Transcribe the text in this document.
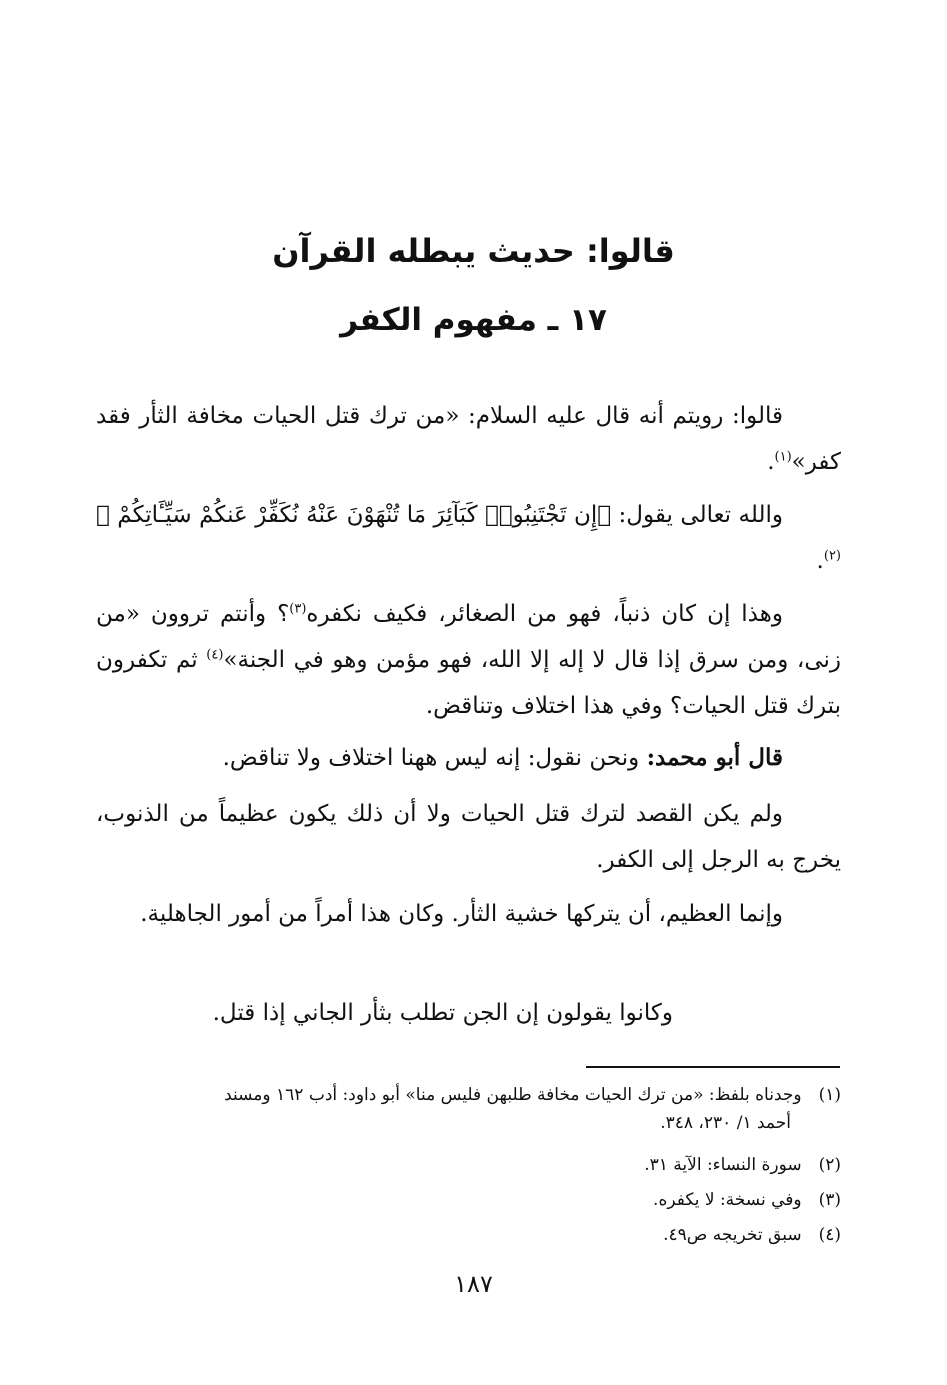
قالوا: حديث يبطله القرآن
١٧ ـ مفهوم الكفر

قالوا: رويتم أنه قال عليه السلام: «من ترك قتل الحيات مخافة الثأر فقد كفر»$^{(١)}$.

والله تعالى يقول: ﴿إِن تَجْتَنِبُوا۟ كَبَآئِرَ مَا تُنْهَوْنَ عَنْهُ نُكَفِّرْ عَنكُمْ سَيِّـَٔاتِكُمْ ﴾$^{(٢)}$.

وهذا إن كان ذنباً، فهو من الصغائر، فكيف نكفره$^{(٣)}$؟ وأنتم تروون «من زنى، ومن سرق إذا قال لا إله إلا الله، فهو مؤمن وهو في الجنة»$^{(٤)}$ ثم تكفرون بترك قتل الحيات؟ وفي هذا اختلاف وتناقض.

قال أبو محمد: ونحن نقول: إنه ليس ههنا اختلاف ولا تناقض.

ولم يكن القصد لترك قتل الحيات ولا أن ذلك يكون عظيماً من الذنوب، يخرج به الرجل إلى الكفر.

وإنما العظيم، أن يتركها خشية الثأر. وكان هذا أمراً من أمور الجاهلية.

وكانوا يقولون إن الجن تطلب بثأر الجاني إذا قتل.

(١) وجدناه بلفظ: «من ترك الحيات مخافة طلبهن فليس منا» أبو داود: أدب ١٦٢ ومسند
أحمد ١/ ٢٣٠، ٣٤٨.

(٢) سورة النساء: الآية ٣١.

(٣) وفي نسخة: لا يكفره.

(٤) سبق تخريجه ص٤٩.

١٨٧
